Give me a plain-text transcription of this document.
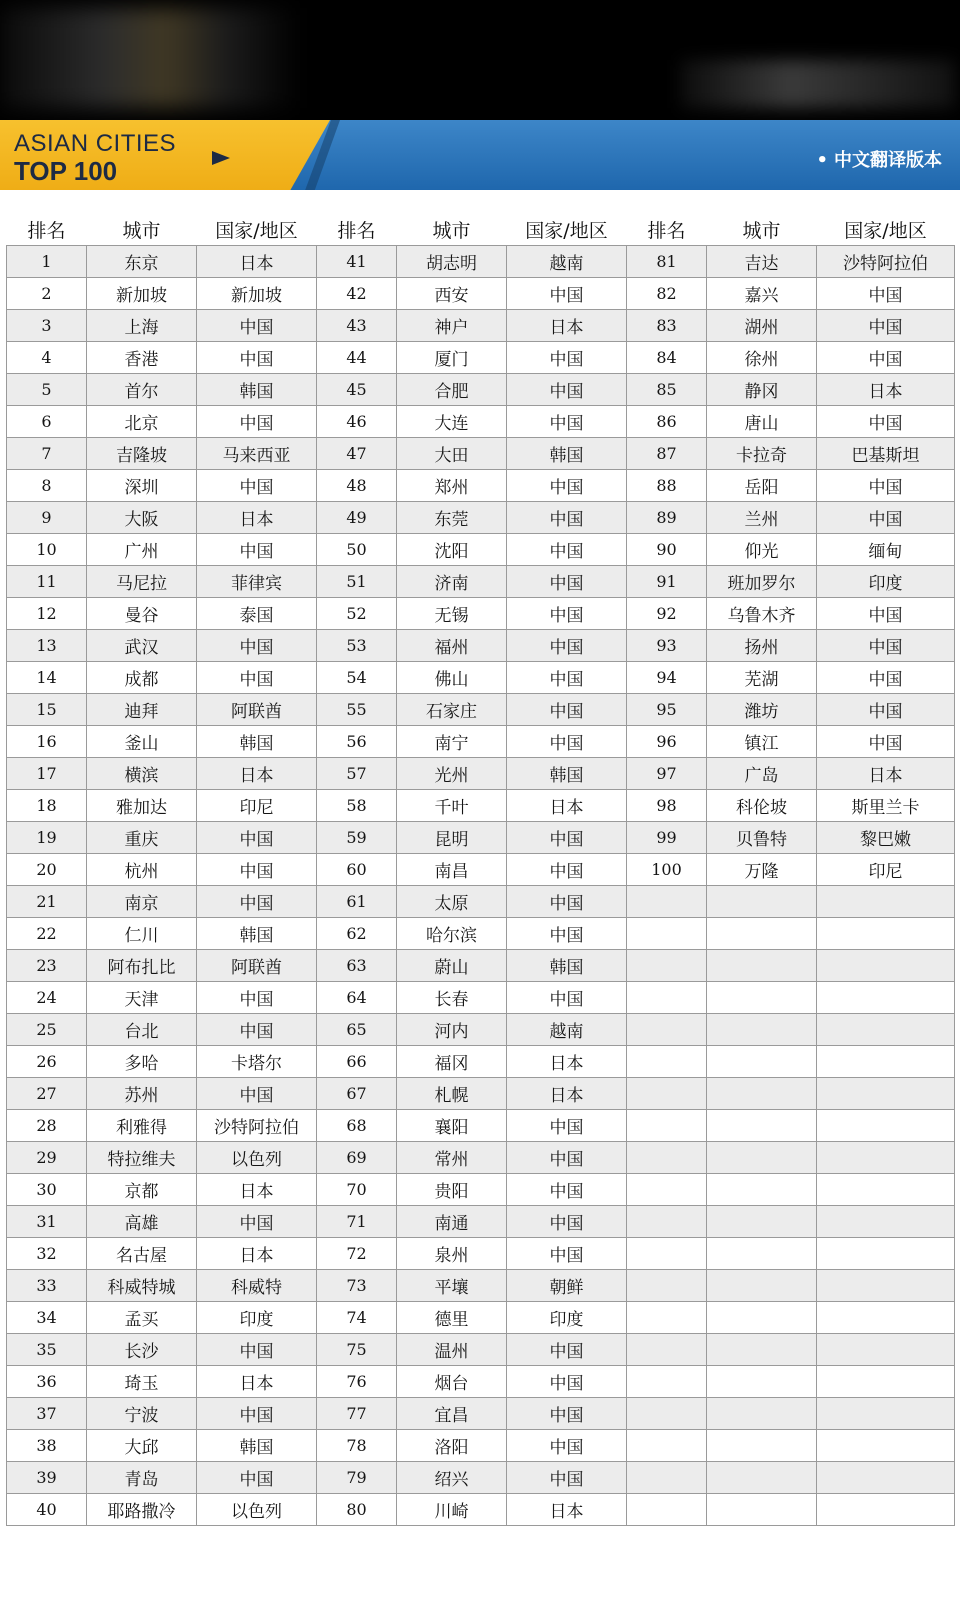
ASIAN CITIES
TOP 100	• 中文翻译版本
排名	城市	国家/地区	排名	城市	国家/地区	排名	城市	国家/地区
1	东京	日本	41	胡志明	越南	81	吉达	沙特阿拉伯
2	新加坡	新加坡	42	西安	中国	82	嘉兴	中国
3	上海	中国	43	神户	日本	83	湖州	中国
4	香港	中国	44	厦门	中国	84	徐州	中国
5	首尔	韩国	45	合肥	中国	85	静冈	日本
6	北京	中国	46	大连	中国	86	唐山	中国
7	吉隆坡	马来西亚	47	大田	韩国	87	卡拉奇	巴基斯坦
8	深圳	中国	48	郑州	中国	88	岳阳	中国
9	大阪	日本	49	东莞	中国	89	兰州	中国
10	广州	中国	50	沈阳	中国	90	仰光	缅甸
11	马尼拉	菲律宾	51	济南	中国	91	班加罗尔	印度
12	曼谷	泰国	52	无锡	中国	92	乌鲁木齐	中国
13	武汉	中国	53	福州	中国	93	扬州	中国
14	成都	中国	54	佛山	中国	94	芜湖	中国
15	迪拜	阿联酋	55	石家庄	中国	95	潍坊	中国
16	釜山	韩国	56	南宁	中国	96	镇江	中国
17	横滨	日本	57	光州	韩国	97	广岛	日本
18	雅加达	印尼	58	千叶	日本	98	科伦坡	斯里兰卡
19	重庆	中国	59	昆明	中国	99	贝鲁特	黎巴嫩
20	杭州	中国	60	南昌	中国	100	万隆	印尼
21	南京	中国	61	太原	中国			
22	仁川	韩国	62	哈尔滨	中国			
23	阿布扎比	阿联酋	63	蔚山	韩国			
24	天津	中国	64	长春	中国			
25	台北	中国	65	河内	越南			
26	多哈	卡塔尔	66	福冈	日本			
27	苏州	中国	67	札幌	日本			
28	利雅得	沙特阿拉伯	68	襄阳	中国			
29	特拉维夫	以色列	69	常州	中国			
30	京都	日本	70	贵阳	中国			
31	高雄	中国	71	南通	中国			
32	名古屋	日本	72	泉州	中国			
33	科威特城	科威特	73	平壤	朝鲜			
34	孟买	印度	74	德里	印度			
35	长沙	中国	75	温州	中国			
36	琦玉	日本	76	烟台	中国			
37	宁波	中国	77	宜昌	中国			
38	大邱	韩国	78	洛阳	中国			
39	青岛	中国	79	绍兴	中国			
40	耶路撒冷	以色列	80	川崎	日本			
